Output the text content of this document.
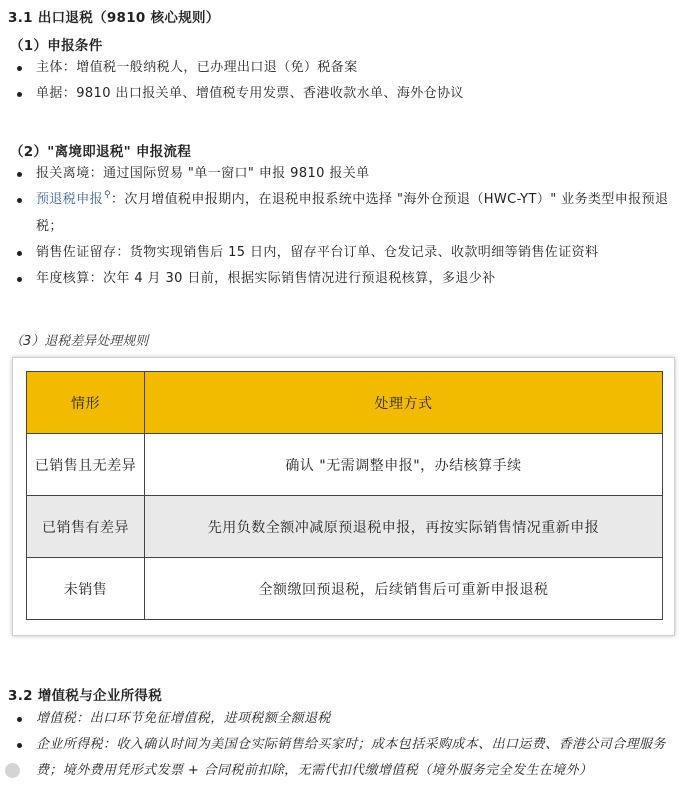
3.1 出口退税（9810 核心规则）
（1）申报条件
主体：增值税一般纳税人，已办理出口退（免）税备案
单据：9810 出口报关单、增值税专用发票、香港收款水单、海外仓协议
（2）"离境即退税" 申报流程
报关离境：通过国际贸易 "单一窗口" 申报 9810 报关单
预退税申报⚲：次月增值税申报期内，在退税申报系统中选择 "海外仓预退（HWC-YT）" 业务类型申报预退税；
销售佐证留存：货物实现销售后 15 日内，留存平台订单、仓发记录、收款明细等销售佐证资料
年度核算：次年 4 月 30 日前，根据实际销售情况进行预退税核算，多退少补
（3）退税差异处理规则
情形	处理方式
已销售且无差异	确认 "无需调整申报"，办结核算手续
已销售有差异	先用负数全额冲减原预退税申报，再按实际销售情况重新申报
未销售	全额缴回预退税，后续销售后可重新申报退税
3.2 增值税与企业所得税
增值税：出口环节免征增值税，进项税额全额退税
企业所得税：收入确认时间为美国仓实际销售给买家时；成本包括采购成本、出口运费、香港公司合理服务费；境外费用凭形式发票 + 合同税前扣除，无需代扣代缴增值税（境外服务完全发生在境外）
